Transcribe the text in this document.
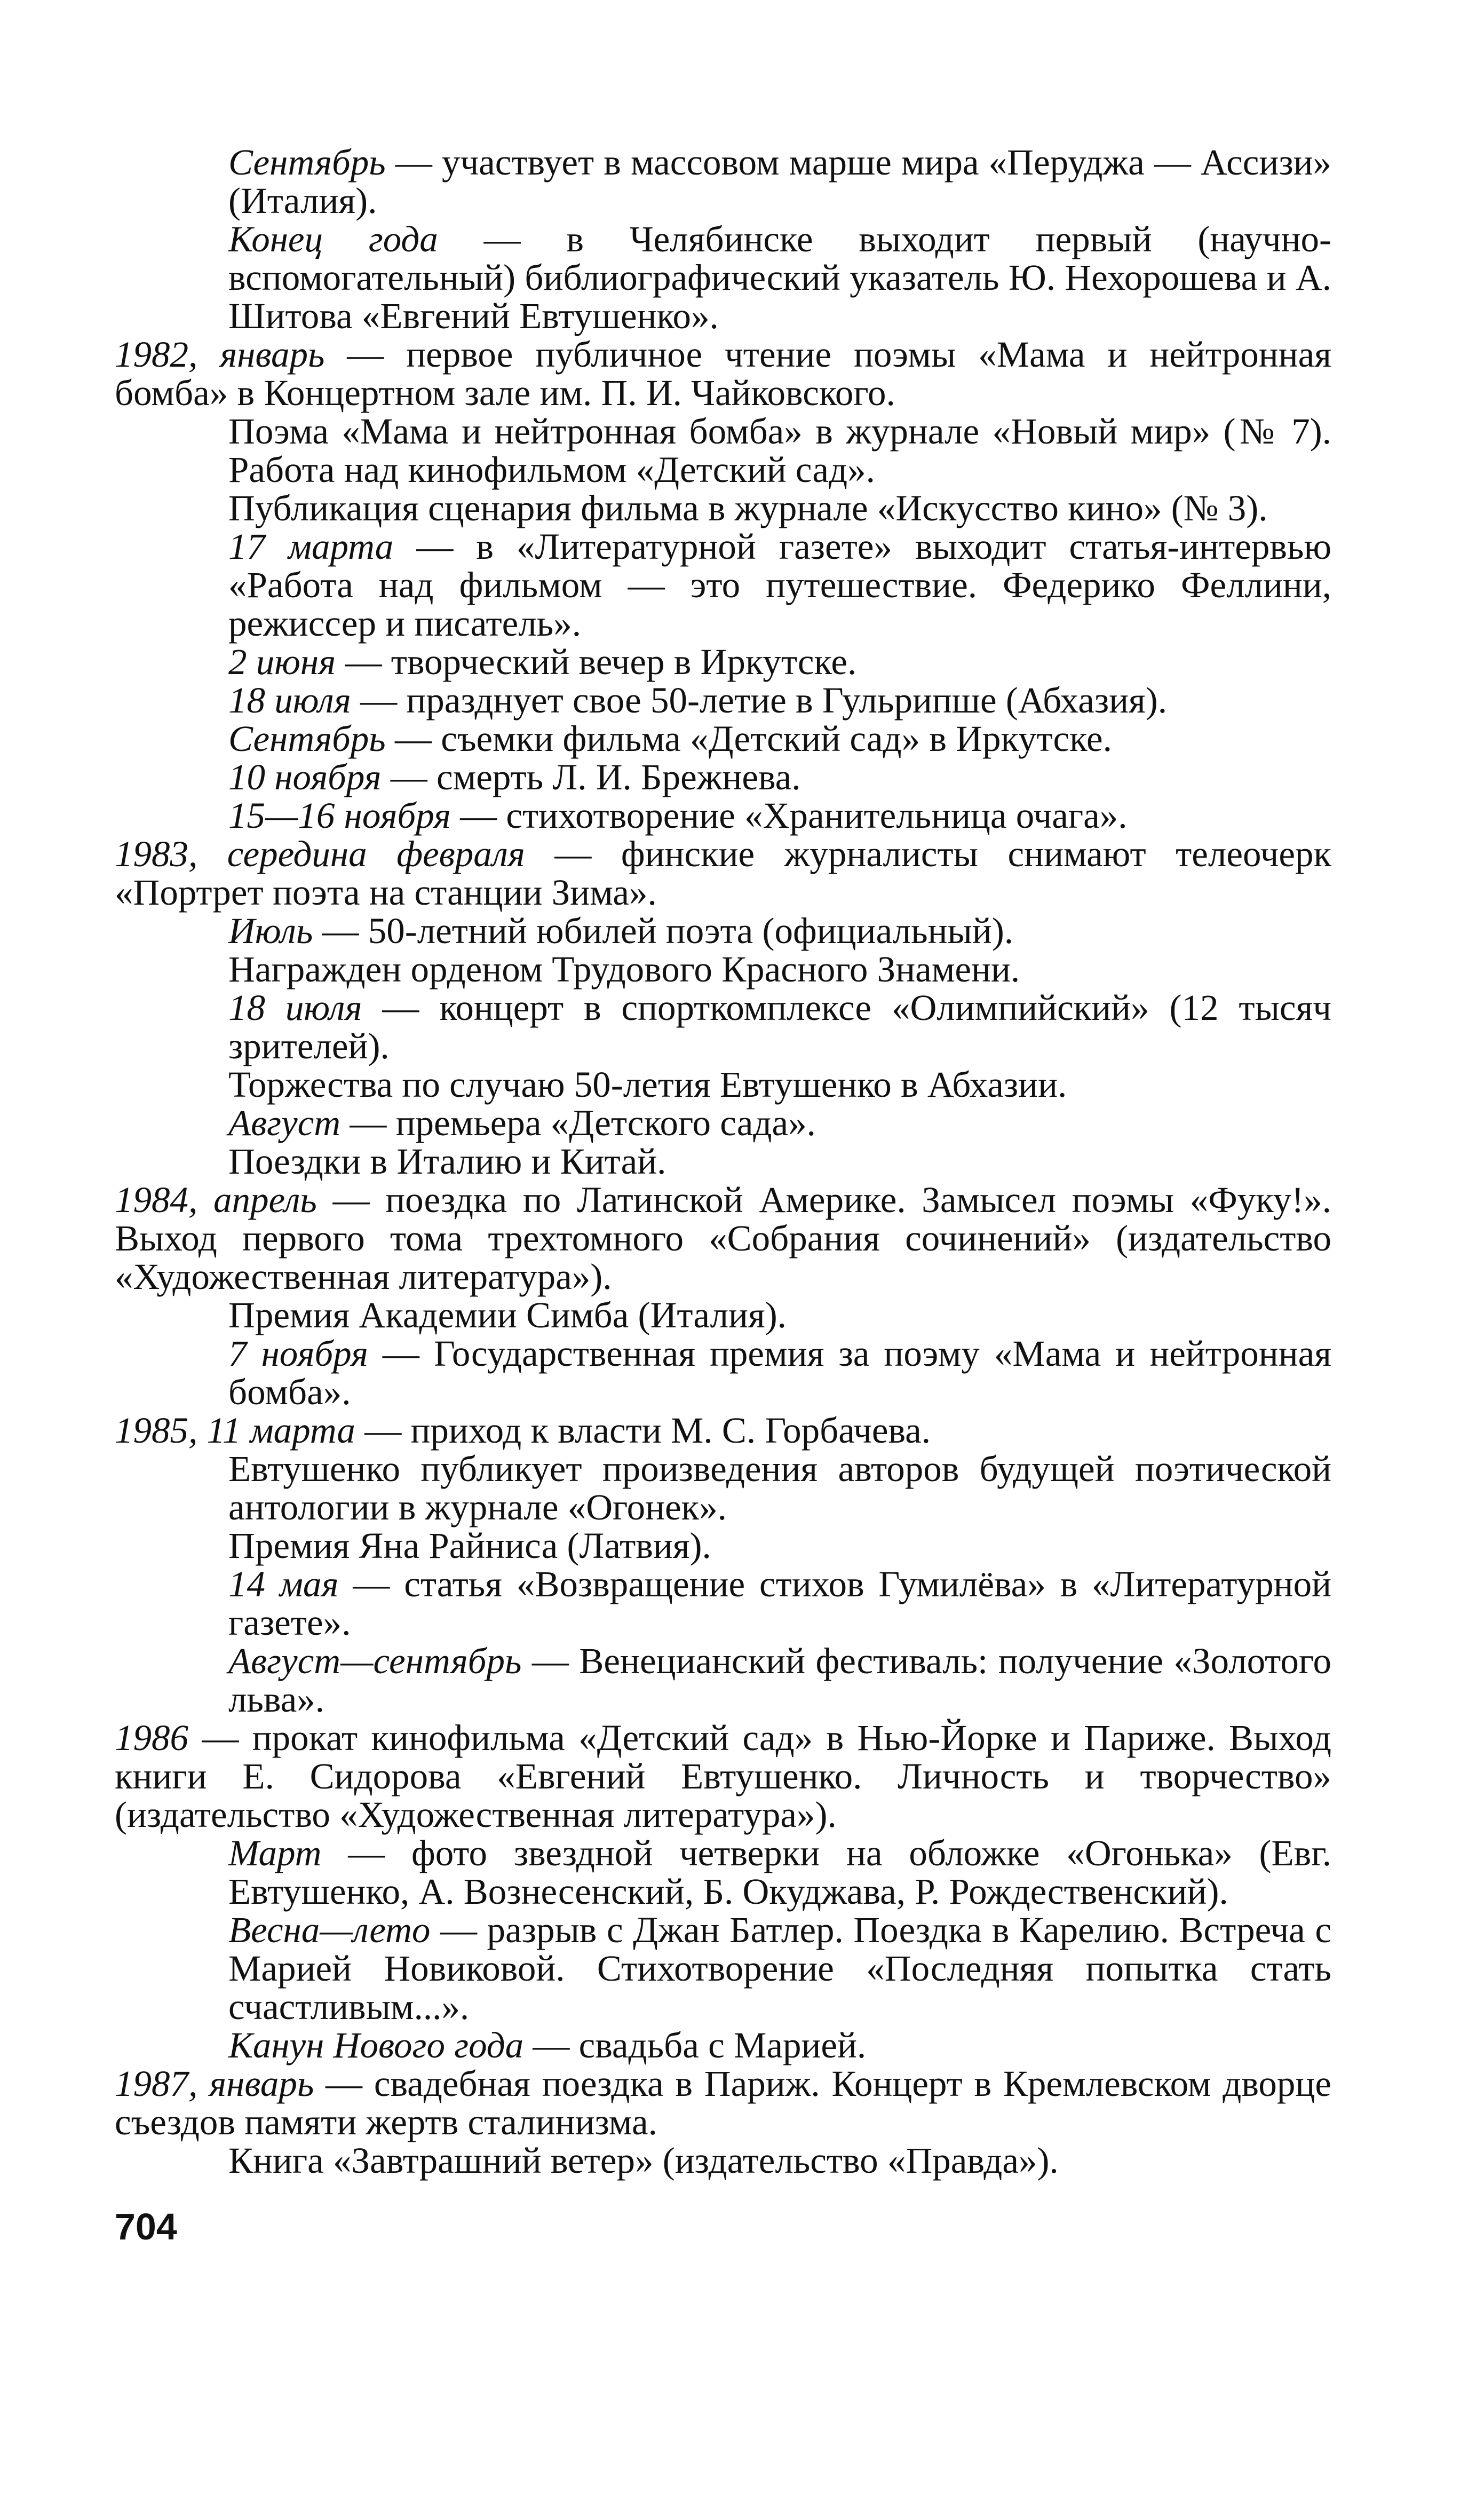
Сентябрь — участвует в массовом марше мира «Перуджа — Ассизи» (Италия).

Конец года — в Челябинске выходит первый (научно-вспомогательный) библиографический указатель Ю. Нехорошева и А. Шитова «Евгений Евтушенко».

1982, январь — первое публичное чтение поэмы «Мама и нейтронная бомба» в Концертном зале им. П. И. Чайковского.

Поэма «Мама и нейтронная бомба» в журнале «Новый мир» (№ 7). Работа над кинофильмом «Детский сад».

Публикация сценария фильма в журнале «Искусство кино» (№ 3).

17 марта — в «Литературной газете» выходит статья-интервью «Работа над фильмом — это путешествие. Федерико Феллини, режиссер и писатель».

2 июня — творческий вечер в Иркутске.

18 июля — празднует свое 50-летие в Гульрипше (Абхазия).

Сентябрь — съемки фильма «Детский сад» в Иркутске.

10 ноября — смерть Л. И. Брежнева.

15—16 ноября — стихотворение «Хранительница очага».

1983, середина февраля — финские журналисты снимают телеочерк «Портрет поэта на станции Зима».

Июль — 50-летний юбилей поэта (официальный).

Награжден орденом Трудового Красного Знамени.

18 июля — концерт в спорткомплексе «Олимпийский» (12 тысяч зрителей).

Торжества по случаю 50-летия Евтушенко в Абхазии.

Август — премьера «Детского сада».

Поездки в Италию и Китай.

1984, апрель — поездка по Латинской Америке. Замысел поэмы «Фуку!». Выход первого тома трехтомного «Собрания сочинений» (издательство «Художественная литература»).

Премия Академии Симба (Италия).

7 ноября — Государственная премия за поэму «Мама и нейтронная бомба».

1985, 11 марта — приход к власти М. С. Горбачева.

Евтушенко публикует произведения авторов будущей поэтической антологии в журнале «Огонек».

Премия Яна Райниса (Латвия).

14 мая — статья «Возвращение стихов Гумилёва» в «Литературной газете».

Август—сентябрь — Венецианский фестиваль: получение «Золотого льва».

1986 — прокат кинофильма «Детский сад» в Нью-Йорке и Париже. Выход книги Е. Сидорова «Евгений Евтушенко. Личность и творчество» (издательство «Художественная литература»).

Март — фото звездной четверки на обложке «Огонька» (Евг. Евтушенко, А. Вознесенский, Б. Окуджава, Р. Рождественский).

Весна—лето — разрыв с Джан Батлер. Поездка в Карелию. Встреча с Марией Новиковой. Стихотворение «Последняя попытка стать счастливым...».

Канун Нового года — свадьба с Марией.

1987, январь — свадебная поездка в Париж. Концерт в Кремлевском дворце съездов памяти жертв сталинизма.

Книга «Завтрашний ветер» (издательство «Правда»).

704
